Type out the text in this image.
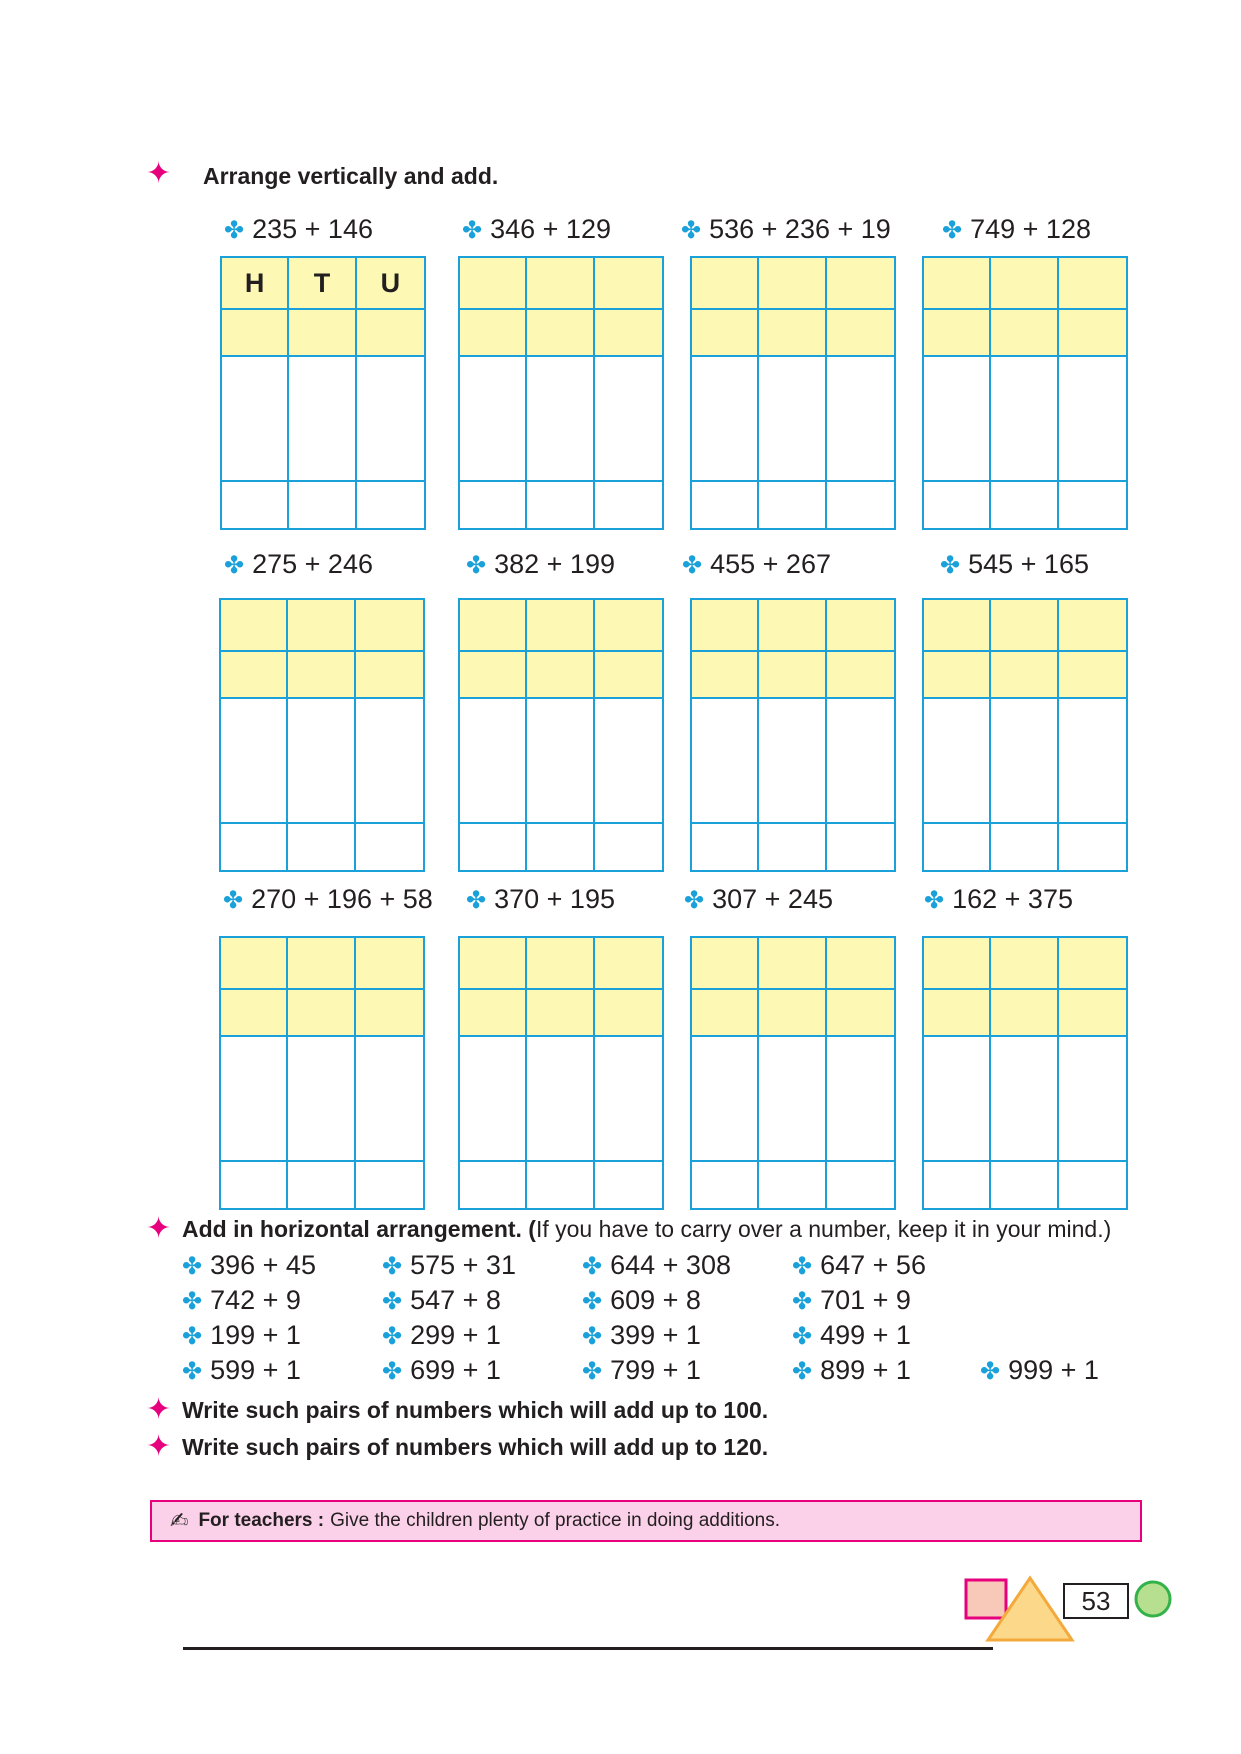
✦ Arrange vertically and add.
✤ 235 + 146	✤ 346 + 129	✤ 536 + 236 + 19 ✤ 749 + 128
H	T	U
✤ 275 + 246	✤ 382 + 199	✤ 455 + 267	✤ 545 + 165
✤ 270 + 196 + 58 ✤ 370 + 195	✤ 307 + 245	✤ 162 + 375
✦ Add in horizontal arrangement. (If you have to carry over a number, keep it in your mind.)
✤ 396 + 45	✤ 575 + 31	✤ 644 + 308	✤ 647 + 56
✤ 742 + 9	✤ 547 + 8	✤ 609 + 8	✤ 701 + 9
✤ 199 + 1	✤ 299 + 1	✤ 399 + 1	✤ 499 + 1
✤ 599 + 1	✤ 699 + 1	✤ 799 + 1	✤ 899 + 1	✤ 999 + 1
✦ Write such pairs of numbers which will add up to 100.
✦ Write such pairs of numbers which will add up to 120.
✍ For teachers : Give the children plenty of practice in doing additions.
53
